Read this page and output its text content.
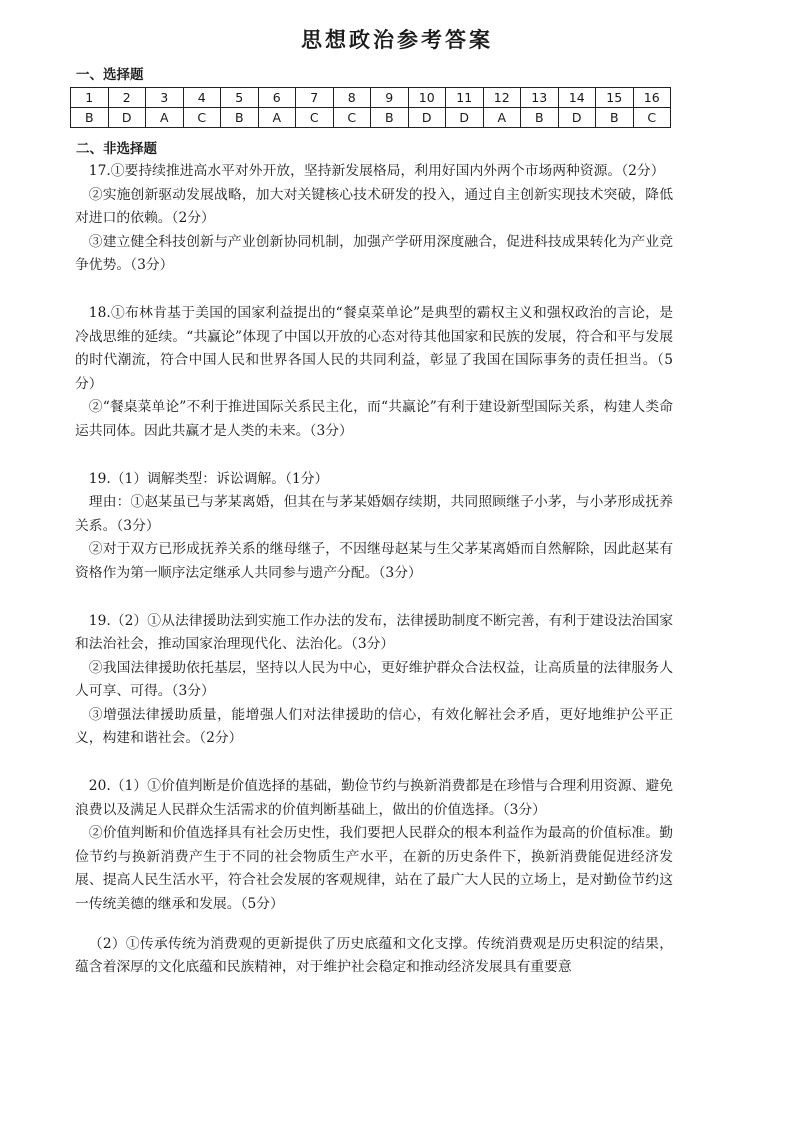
思想政治参考答案
一、选择题
1	2	3	4	5	6	7	8	9	10	11	12	13	14	15	16
B	D	A	C	B	A	C	C	B	D	D	A	B	D	B	C
二、非选择题

17.①要持续推进高水平对外开放，坚持新发展格局，利用好国内外两个市场两种资源。（2分）

②实施创新驱动发展战略，加大对关键核心技术研发的投入，通过自主创新实现技术突破，降低对进口的依赖。（2分）

③建立健全科技创新与产业创新协同机制，加强产学研用深度融合，促进科技成果转化为产业竞争优势。（3分）

18.①布林肯基于美国的国家利益提出的“餐桌菜单论”是典型的霸权主义和强权政治的言论，是冷战思维的延续。“共赢论”体现了中国以开放的心态对待其他国家和民族的发展，符合和平与发展的时代潮流，符合中国人民和世界各国人民的共同利益，彰显了我国在国际事务的责任担当。（5分）

②“餐桌菜单论”不利于推进国际关系民主化，而“共赢论”有利于建设新型国际关系，构建人类命运共同体。因此共赢才是人类的未来。（3分）

19.（1）调解类型：诉讼调解。（1分）

理由：①赵某虽已与茅某离婚，但其在与茅某婚姻存续期，共同照顾继子小茅，与小茅形成抚养关系。（3分）

②对于双方已形成抚养关系的继母继子，不因继母赵某与生父茅某离婚而自然解除，因此赵某有资格作为第一顺序法定继承人共同参与遗产分配。（3分）

19.（2）①从法律援助法到实施工作办法的发布，法律援助制度不断完善，有利于建设法治国家和法治社会，推动国家治理现代化、法治化。（3分）

②我国法律援助依托基层，坚持以人民为中心，更好维护群众合法权益，让高质量的法律服务人人可享、可得。（3分）

③增强法律援助质量，能增强人们对法律援助的信心，有效化解社会矛盾，更好地维护公平正义，构建和谐社会。（2分）

20.（1）①价值判断是价值选择的基础，勤俭节约与换新消费都是在珍惜与合理利用资源、避免浪费以及满足人民群众生活需求的价值判断基础上，做出的价值选择。（3分）

②价值判断和价值选择具有社会历史性，我们要把人民群众的根本利益作为最高的价值标准。勤俭节约与换新消费产生于不同的社会物质生产水平，在新的历史条件下，换新消费能促进经济发展、提高人民生活水平，符合社会发展的客观规律，站在了最广大人民的立场上，是对勤俭节约这一传统美德的继承和发展。（5分）

（2）①传承传统为消费观的更新提供了历史底蕴和文化支撑。传统消费观是历史积淀的结果，蕴含着深厚的文化底蕴和民族精神，对于维护社会稳定和推动经济发展具有重要意
